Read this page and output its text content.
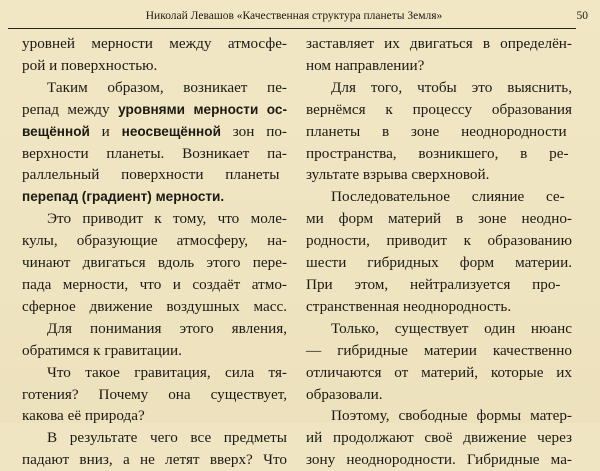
Николай Левашов «Качественная структура планеты Земля»	50
уровней мерности между атмосфе-
рой и поверхностью.
Таким образом, возникает пе-
репад между уровнями мерности ос-
вещённой и неосвещённой зон по-
верхности планеты. Возникает па-
раллельный поверхности планеты
перепад (градиент) мерности.
Это приводит к тому, что моле-
кулы, образующие атмосферу, на-
чинают двигаться вдоль этого пере-
пада мерности, что и создаёт атмо-
сферное движение воздушных масс.
Для понимания этого явления,
обратимся к гравитации.
Что такое гравитация, сила тя-
готения? Почему она существует,
какова её природа?
В результате чего все предметы
падают вниз, а не летят вверх? Что
заставляет их двигаться в определён-
ном направлении?
Для того, чтобы это выяснить,
вернёмся к процессу образования
планеты в зоне неоднородности
пространства, возникшего, в ре-
зультате взрыва сверхновой.
Последовательное слияние се-
ми форм материй в зоне неодно-
родности, приводит к образованию
шести гибридных форм материи.
При этом, нейтрализуется про-
странственная неоднородность.
Только, существует один нюанс
— гибридные материи качественно
отличаются от материй, которые их
образовали.
Поэтому, свободные формы матер-
ий продолжают своё движение через
зону неоднородности. Гибридные ма-
